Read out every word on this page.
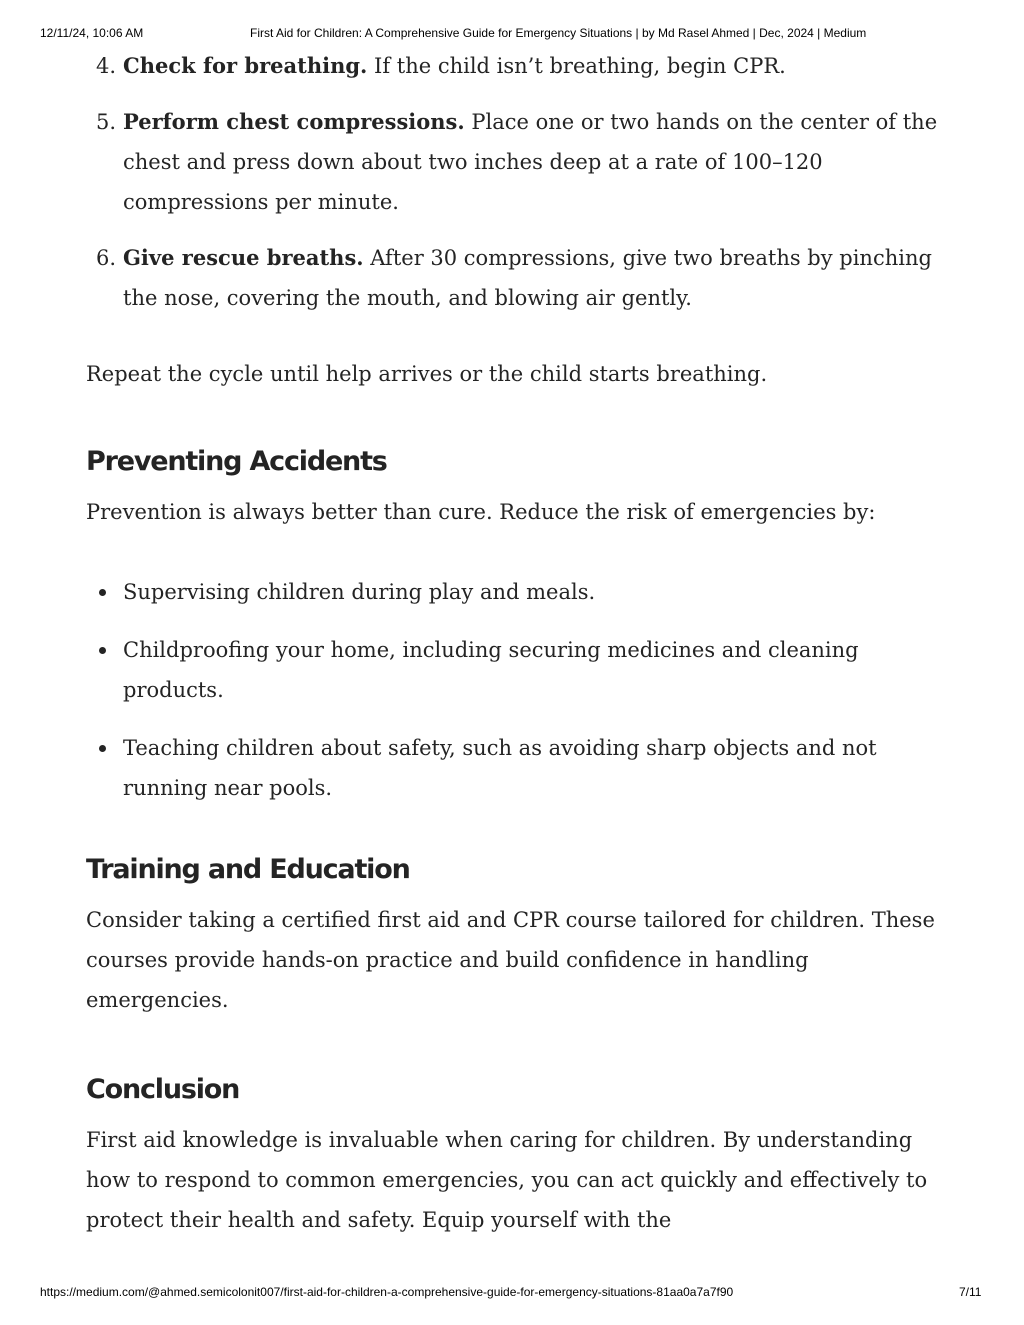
12/11/24, 10:06 AM	First Aid for Children: A Comprehensive Guide for Emergency Situations | by Md Rasel Ahmed | Dec, 2024 | Medium
4. Check for breathing. If the child isn’t breathing, begin CPR.
5. Perform chest compressions. Place one or two hands on the center of the chest and press down about two inches deep at a rate of 100–120 compressions per minute.
6. Give rescue breaths. After 30 compressions, give two breaths by pinching the nose, covering the mouth, and blowing air gently.

Repeat the cycle until help arrives or the child starts breathing.

Preventing Accidents

Prevention is always better than cure. Reduce the risk of emergencies by:

Supervising children during play and meals.
Childproofing your home, including securing medicines and cleaning products.
Teaching children about safety, such as avoiding sharp objects and not running near pools.
Training and Education

Consider taking a certified first aid and CPR course tailored for children. These courses provide hands-on practice and build confidence in handling emergencies.

Conclusion

First aid knowledge is invaluable when caring for children. By understanding how to respond to common emergencies, you can act quickly and effectively to protect their health and safety. Equip yourself with the

https://medium.com/@ahmed.semicolonit007/first-aid-for-children-a-comprehensive-guide-for-emergency-situations-81aa0a7a7f90	7/11
